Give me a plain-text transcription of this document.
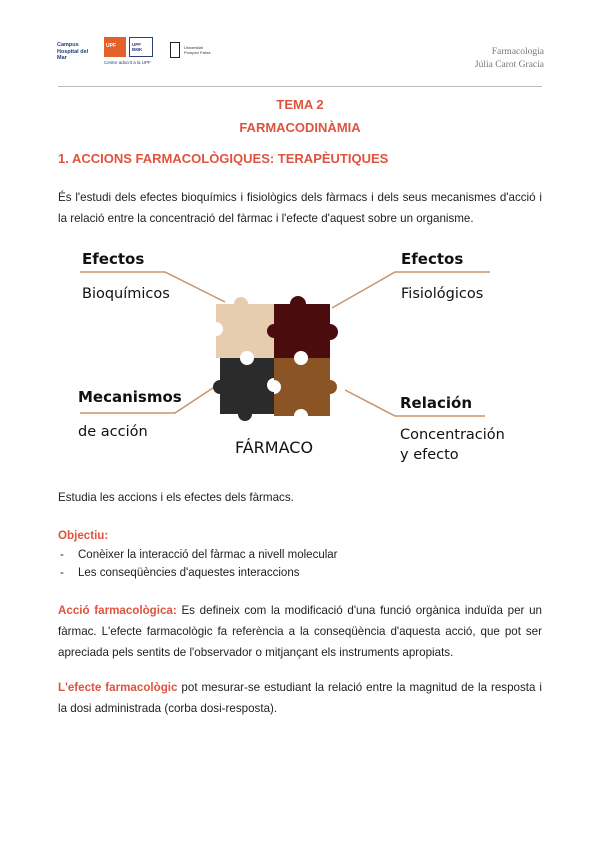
Campus Hospital del Mar
UPF	UPF BMK
Centre adscrit a la UPF
Universitat Pompeu Fabra	Farmacologia
Júlia Carot Gracia
TEMA 2
FARMACODINÀMIA
1. ACCIONS FARMACOLÒGIQUES: TERAPÈUTIQUES
És l'estudi dels efectes bioquímics i fisiològics dels fàrmacs i dels seus mecanismes d'acció i la relació entre la concentració del fàrmac i l'efecte d'aquest sobre un organisme.
Efectos
Bioquímicos
Efectos
Fisiológicos
Mecanismos
de acción
Relación
Concentración
y efecto
FÁRMACO
Estudia les accions i els efectes dels fàrmacs.
Objectiu:
- Conèixer la interacció del fàrmac a nivell molecular
- Les conseqüències d'aquestes interaccions
Acció farmacològica: Es defineix com la modificació d'una funció orgànica induïda per un fàrmac. L'efecte farmacològic fa referència a la conseqüència d'aquesta acció, que pot ser apreciada pels sentits de l'observador o mitjançant els instruments apropiats.
L'efecte farmacològic pot mesurar-se estudiant la relació entre la magnitud de la resposta i la dosi administrada (corba dosi-resposta).
